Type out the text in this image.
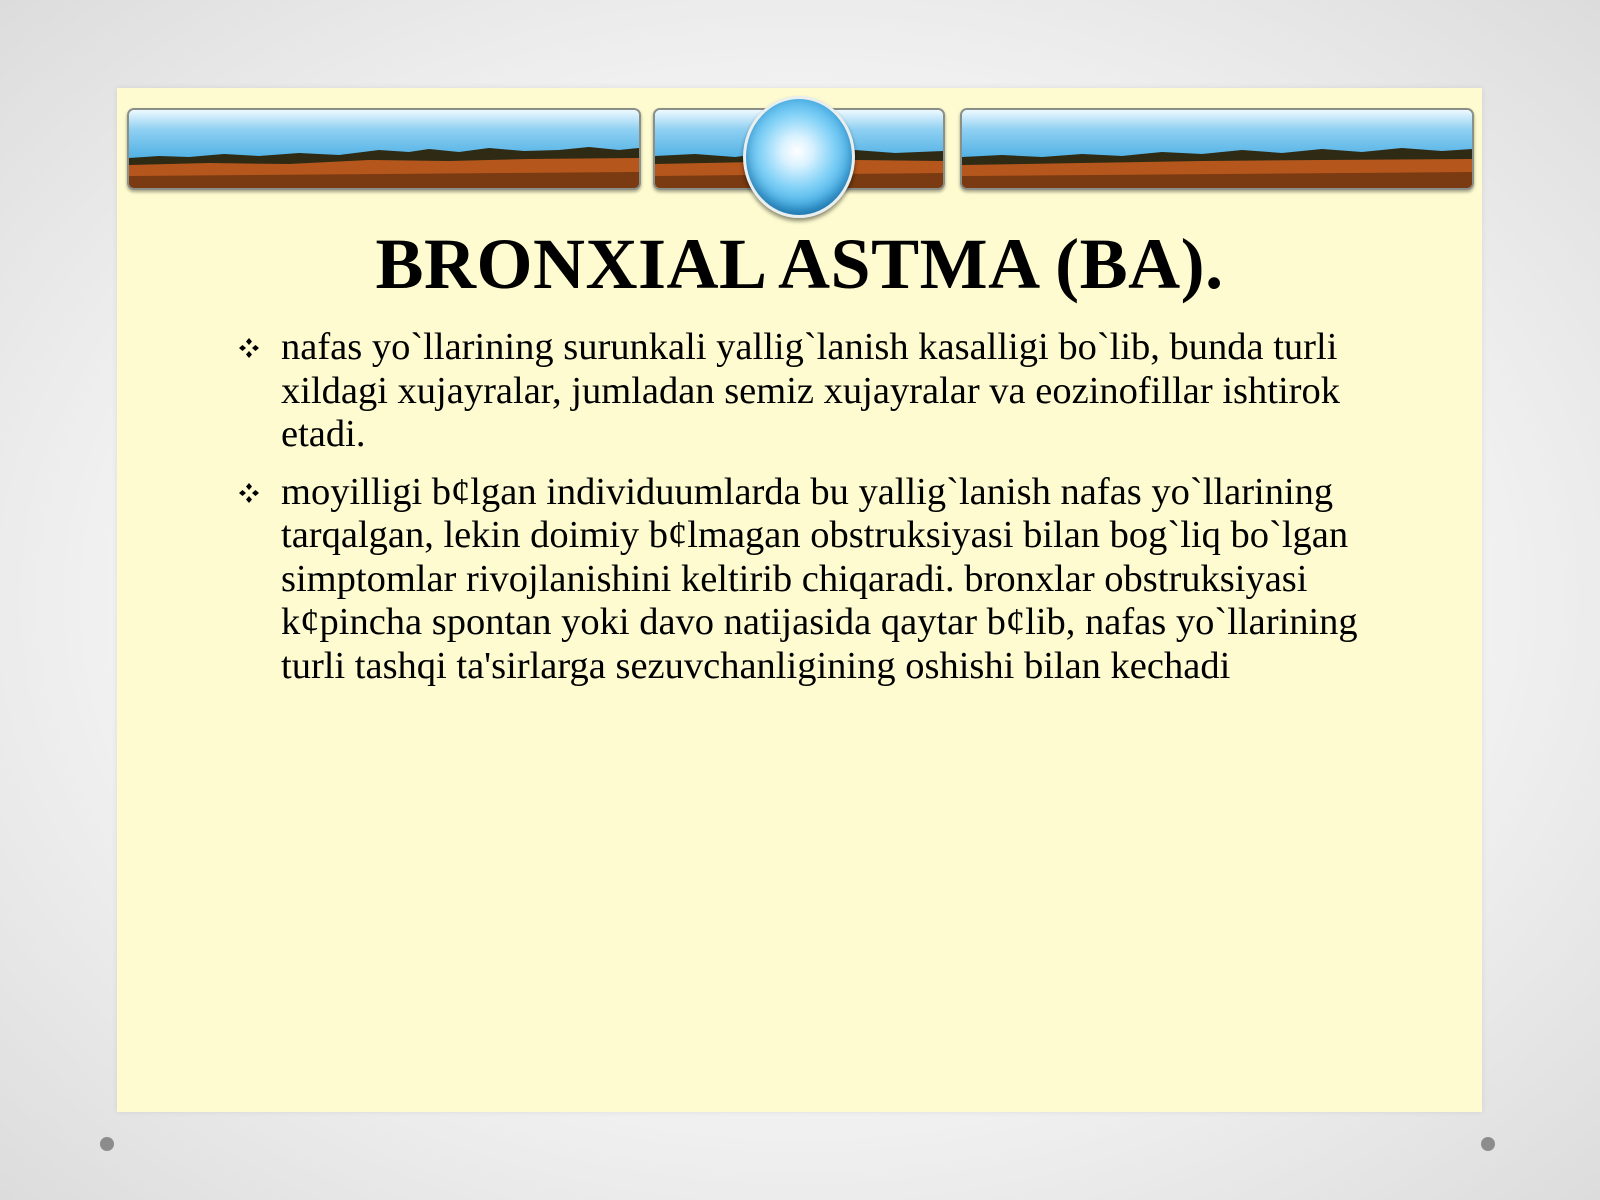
BRONXIAL ASTMA (BA).
nafas yo`llarining surunkali yallig`lanish kasalligi bo`lib, bunda turli xildagi xujayralar, jumladan semiz xujayralar va eozinofillar ishtirok etadi.
moyilligi b¢lgan individuumlarda bu yallig`lanish nafas yo`llarining tarqalgan, lekin doimiy b¢lmagan obstruksiyasi bilan bog`liq bo`lgan simptomlar rivojlanishini keltirib chiqaradi. bronxlar obstruksiyasi k¢pincha spontan yoki davo natijasida qaytar b¢lib, nafas yo`llarining turli tashqi ta'sirlarga sezuvchanligining oshishi bilan kechadi
